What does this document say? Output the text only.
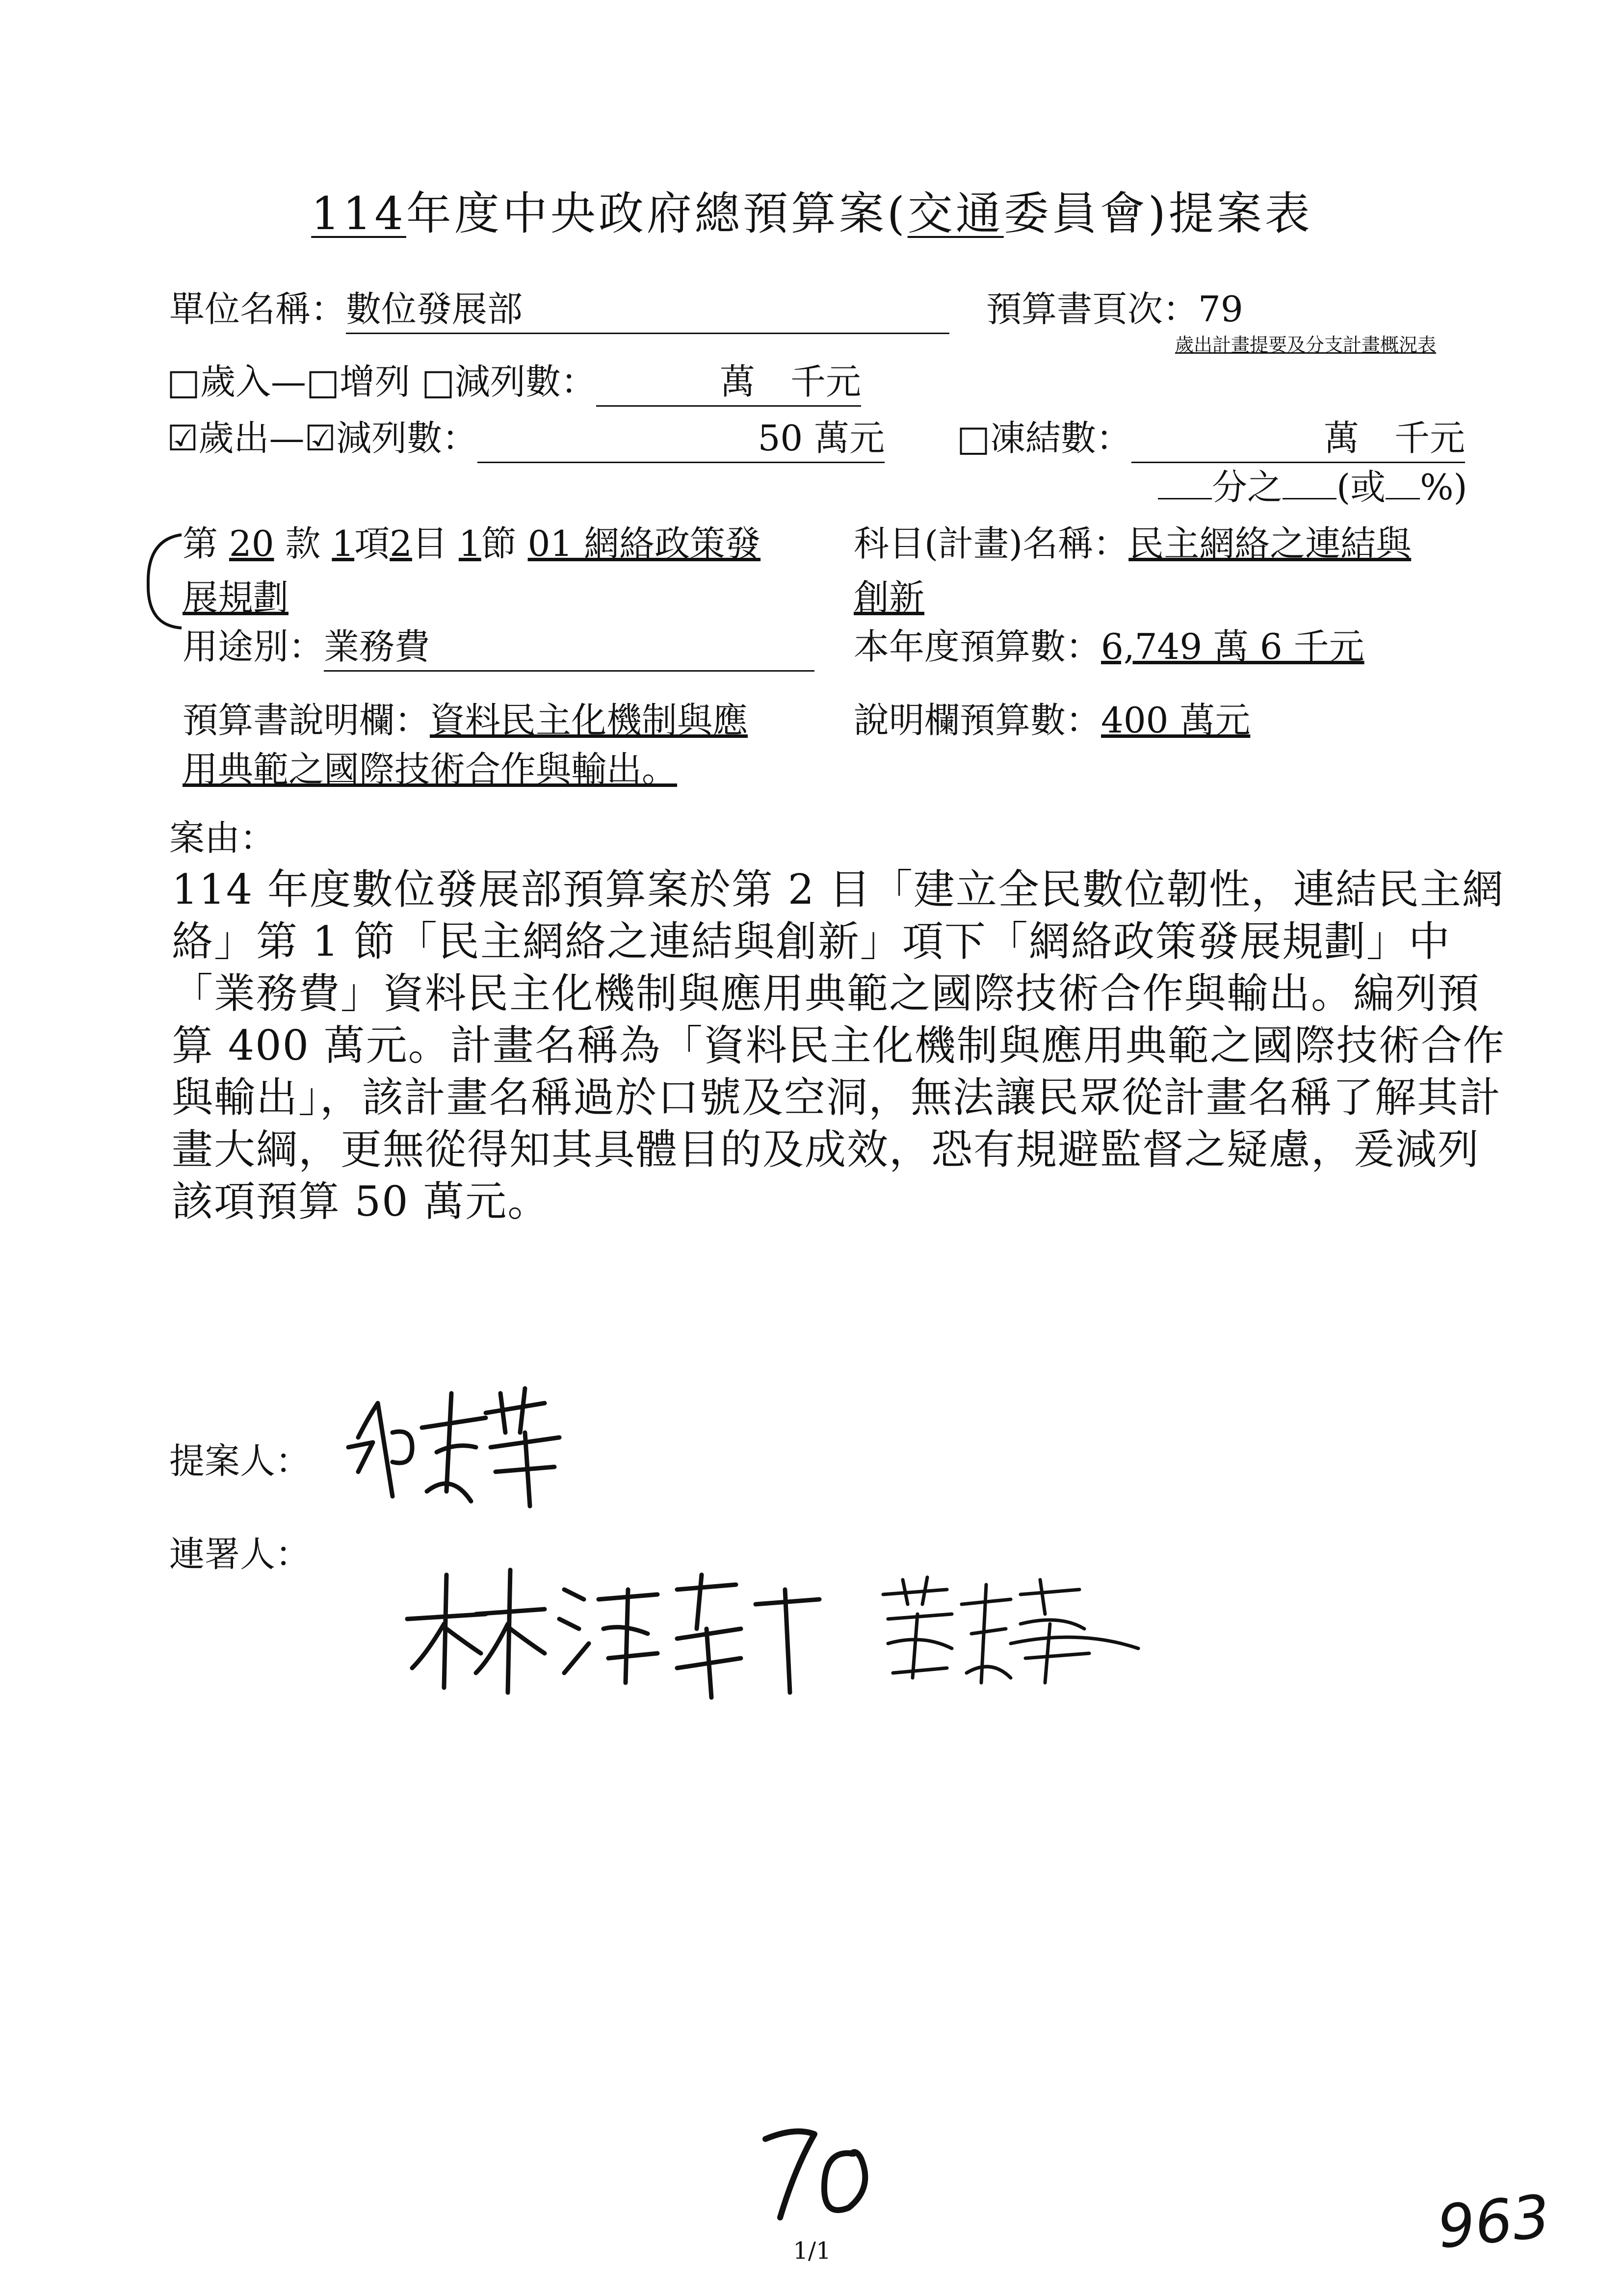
114年度中央政府總預算案(交通委員會)提案表
單位名稱：數位發展部	預算書頁次：79
歲出計畫提要及分支計畫概況表
□歲入—□增列 □減列數：	萬　千元
☑歲出—☑減列數：	50 萬元 □凍結數：	萬　千元
分之 (或 %)
第 20 款 1項2目 1節 01 網絡政策發
展規劃
科目(計畫)名稱：民主網絡之連結與
創新
用途別：業務費	本年度預算數：6,749 萬 6 千元
預算書說明欄：資料民主化機制與應
用典範之國際技術合作與輸出。
說明欄預算數：400 萬元
案由：
114 年度數位發展部預算案於第 2 目「建立全民數位韌性，連結民主網絡」第 1 節「民主網絡之連結與創新」項下「網絡政策發展規劃」中「業務費」資料民主化機制與應用典範之國際技術合作與輸出。編列預算 400 萬元。計畫名稱為「資料民主化機制與應用典範之國際技術合作與輸出」，該計畫名稱過於口號及空洞，無法讓民眾從計畫名稱了解其計畫大綱，更無從得知其具體目的及成效，恐有規避監督之疑慮，爰減列該項預算 50 萬元。
提案人：
連署人：
70
1/1	963
